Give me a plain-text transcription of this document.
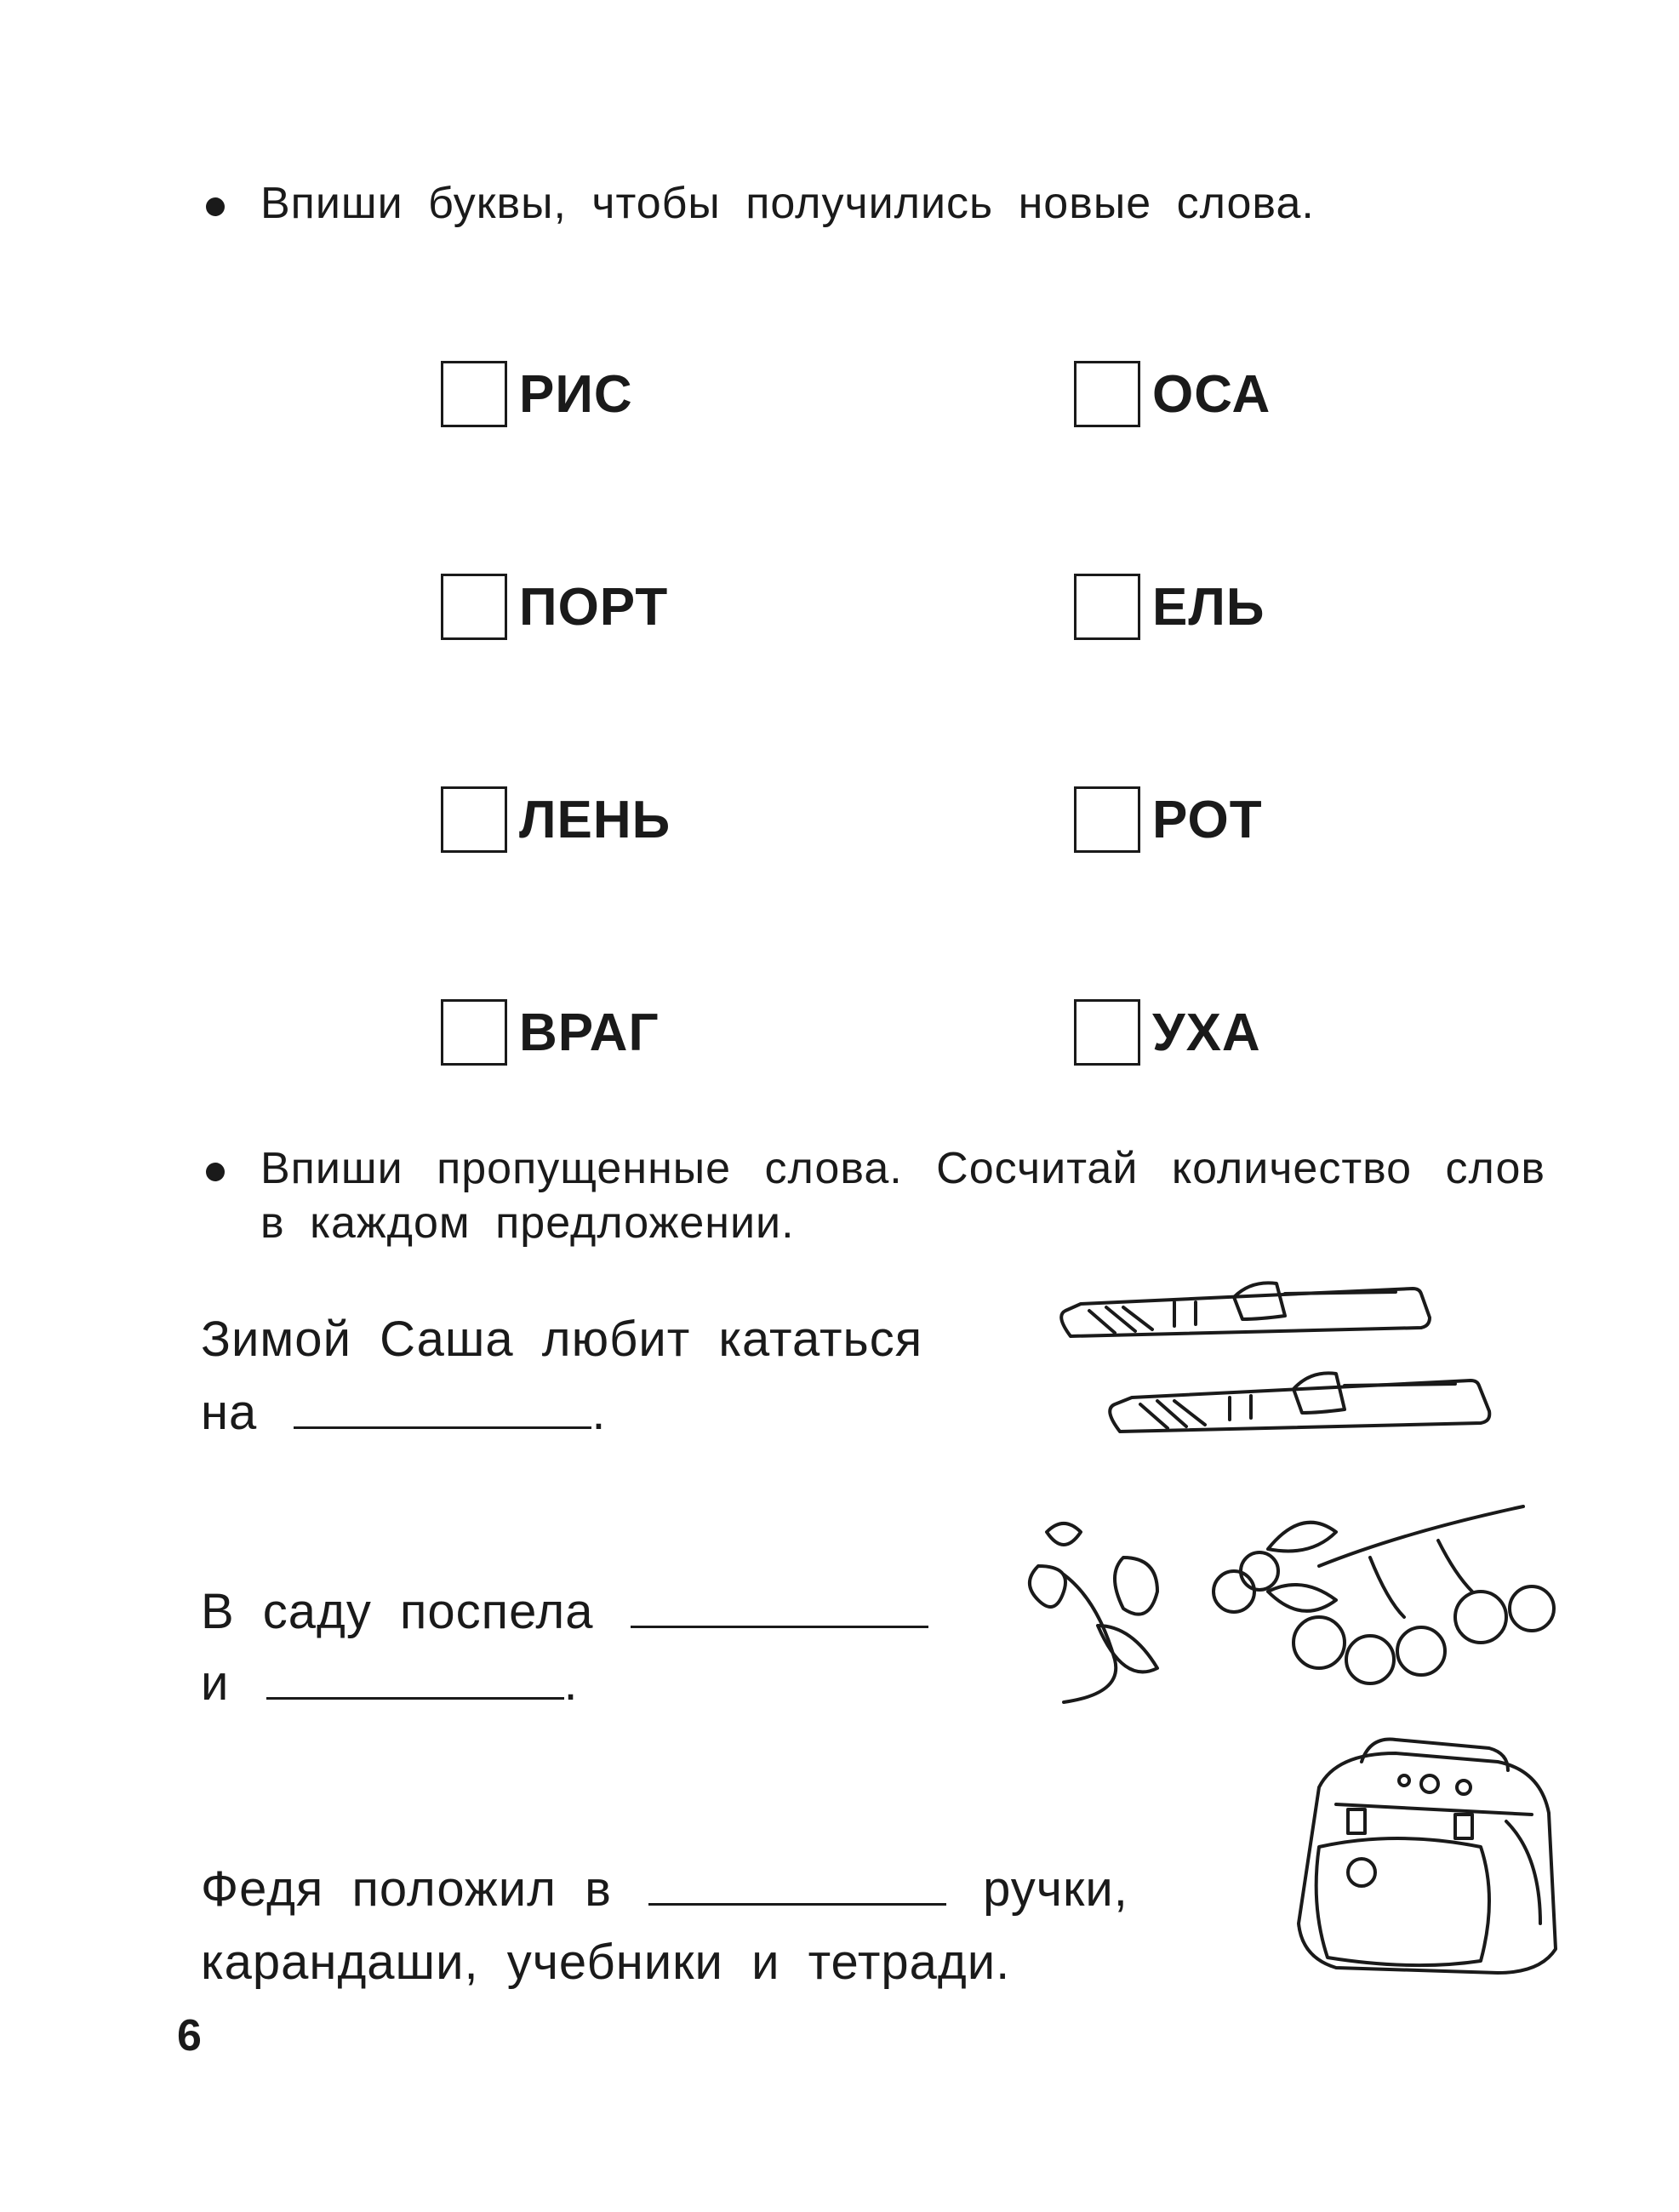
Впиши буквы, чтобы получились новые слова.
РИС	ОСА
ПОРТ	ЕЛЬ
ЛЕНЬ	РОТ
ВРАГ	УХА
Впиши пропущенные слова. Сосчитай количество слов
в каждом предложении.
Зимой Саша любит кататься
на	.
В саду поспела
и	.
Федя положил в	ручки,
карандаши, учебники и тетради.
6
